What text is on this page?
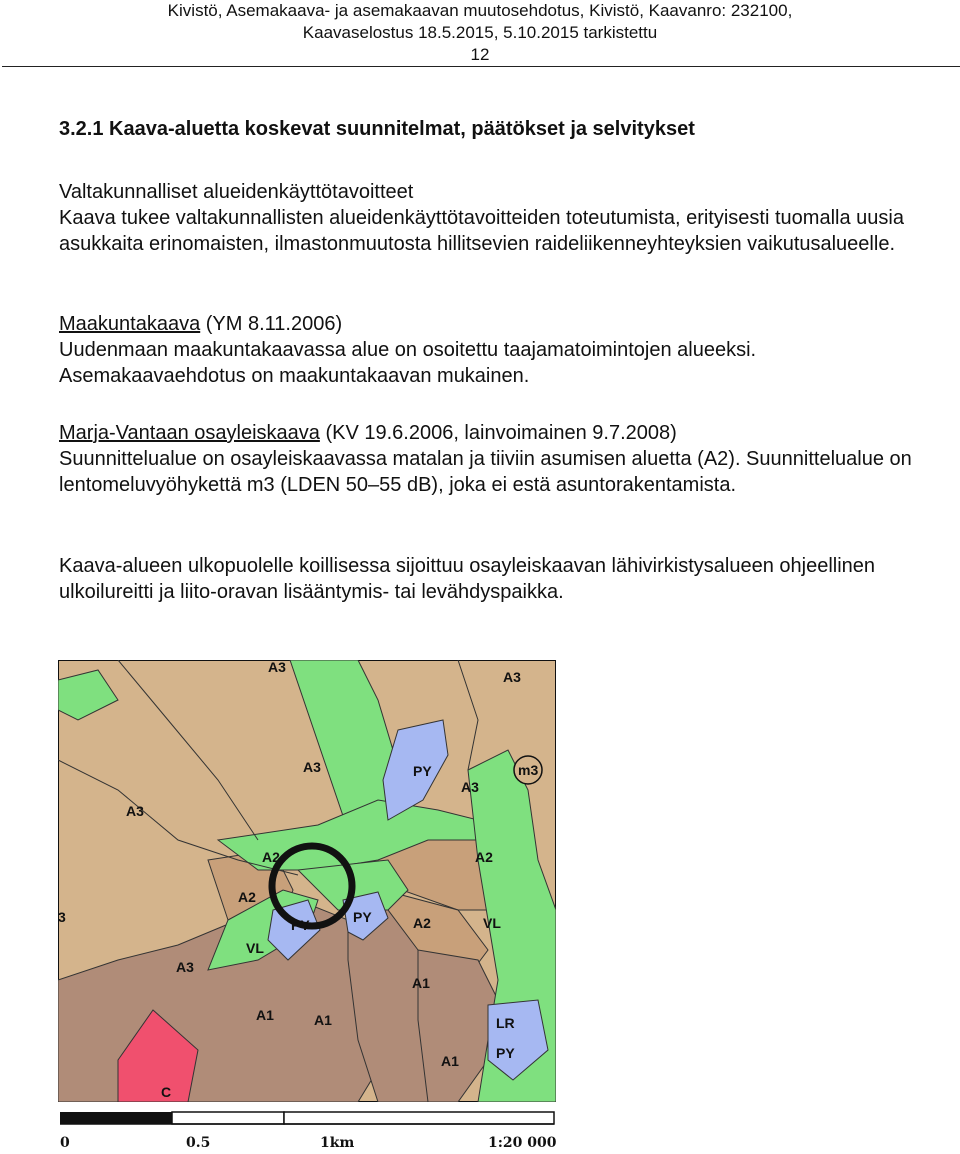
Kivistö, Asemakaava- ja asemakaavan muutosehdotus, Kivistö, Kaavanro: 232100,
Kaavaselostus 18.5.2015, 5.10.2015 tarkistettu
12
3.2.1 Kaava-aluetta koskevat suunnitelmat, päätökset ja selvitykset

Valtakunnalliset alueidenkäyttötavoitteet

Kaava tukee valtakunnallisten alueidenkäyttötavoitteiden toteutumista, erityisesti tuomalla uusia asukkaita erinomaisten, ilmastonmuutosta hillitsevien raideliikenneyhteyksien vaikutusalueelle.

Maakuntakaava (YM 8.11.2006)

Uudenmaan maakuntakaavassa alue on osoitettu taajamatoimintojen alueeksi.

Asemakaavaehdotus on maakuntakaavan mukainen.

Marja-Vantaan osayleiskaava (KV 19.6.2006, lainvoimainen 9.7.2008)

Suunnittelualue on osayleiskaavassa matalan ja tiiviin asumisen aluetta (A2). Suunnittelualue on lentomeluvyöhykettä m3 (LDEN 50–55 dB), joka ei estä asuntorakentamista.

Kaava-alueen ulkopuolelle koillisessa sijoittuu osayleiskaavan lähivirkistysalueen ohjeellinen ulkoilureitti ja liito-oravan lisääntymis- tai levähdyspaikka.

A3
A3
A3
A3
A3
A3
PY	m3
A2
A2
A2
A2
PY	PY
VL
VL
A1
A1	A1
A1
LR
PY
C
3
0	0.5	1km	1:20 000
